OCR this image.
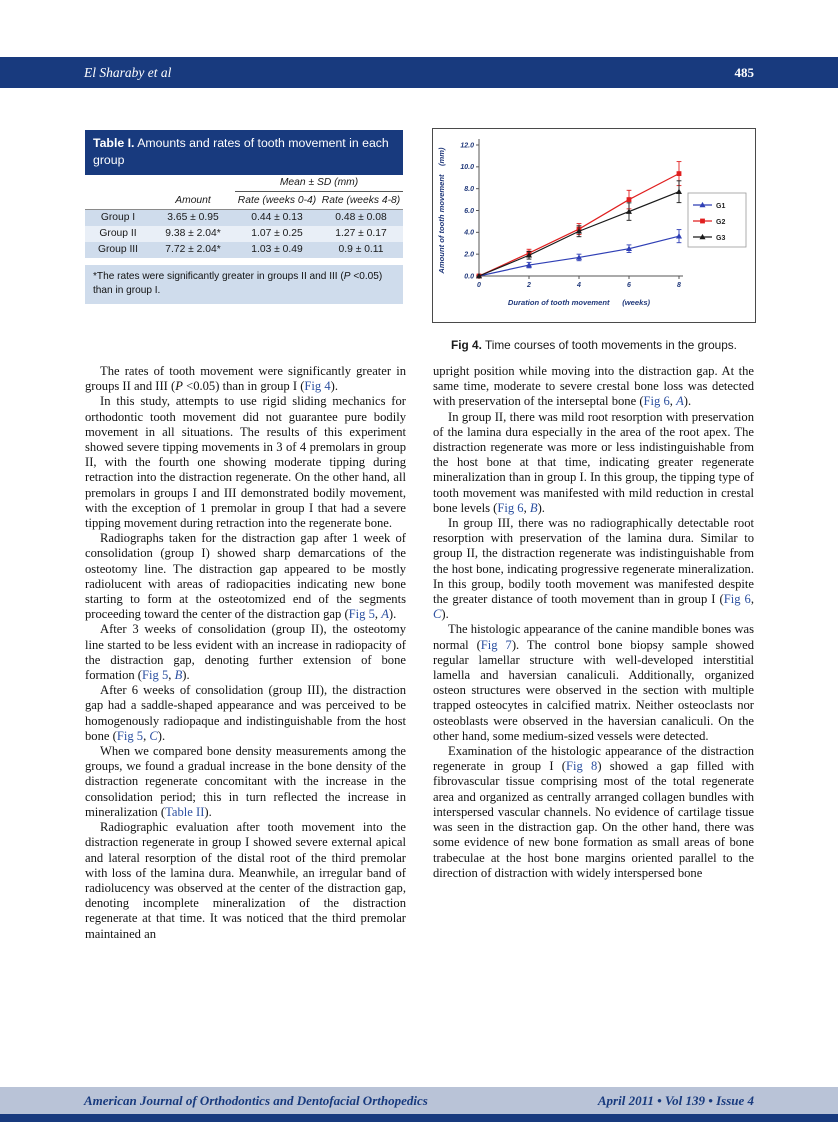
El Sharaby et al	485
Table I. Amounts and rates of tooth movement in each group
		Mean ± SD (mm)	
	Amount	Rate (weeks 0-4)	Rate (weeks 4-8)
Group I	3.65 ± 0.95	0.44 ± 0.13	0.48 ± 0.08
Group II	9.38 ± 2.04*	1.07 ± 0.25	1.27 ± 0.17
Group III	7.72 ± 2.04*	1.03 ± 0.49	0.9 ± 0.11
*The rates were significantly greater in groups II and III (P <0.05) than in group I.
0.0
2.0
4.0
6.0
8.0
10.0
12.0
0	2	4	6	8
Duration of tooth movement      (weeks)
Amount of tooth movement    (mm)	G1
G2
G3
Fig 4. Time courses of tooth movements in the groups.

The rates of tooth movement were significantly greater in groups II and III (P <0.05) than in group I (Fig 4).

In this study, attempts to use rigid sliding mechanics for orthodontic tooth movement did not guarantee pure bodily movement in all situations. The results of this experiment showed severe tipping movements in 3 of 4 premolars in group II, with the fourth one showing moderate tipping during retraction into the distraction regenerate. On the other hand, all premolars in groups I and III demonstrated bodily movement, with the exception of 1 premolar in group I that had a severe tipping movement during retraction into the regenerate bone.

Radiographs taken for the distraction gap after 1 week of consolidation (group I) showed sharp demarcations of the osteotomy line. The distraction gap appeared to be mostly radiolucent with areas of radiopacities indicating new bone starting to form at the osteotomized end of the segments proceeding toward the center of the distraction gap (Fig 5, A).

After 3 weeks of consolidation (group II), the osteotomy line started to be less evident with an increase in radiopacity of the distraction gap, denoting further extension of bone formation (Fig 5, B).

After 6 weeks of consolidation (group III), the distraction gap had a saddle-shaped appearance and was perceived to be homogenously radiopaque and indistinguishable from the host bone (Fig 5, C).

When we compared bone density measurements among the groups, we found a gradual increase in the bone density of the distraction regenerate concomitant with the increase in the consolidation period; this in turn reflected the increase in mineralization (Table II).

Radiographic evaluation after tooth movement into the distraction regenerate in group I showed severe external apical and lateral resorption of the distal root of the third premolar with loss of the lamina dura. Meanwhile, an irregular band of radiolucency was observed at the center of the distraction gap, denoting incomplete mineralization of the distraction regenerate at that time. It was noticed that the third premolar maintained an

upright position while moving into the distraction gap. At the same time, moderate to severe crestal bone loss was detected with preservation of the interseptal bone (Fig 6, A).

In group II, there was mild root resorption with preservation of the lamina dura especially in the area of the root apex. The distraction regenerate was more or less indistinguishable from the host bone at that time, indicating greater regenerate mineralization than in group I. In this group, the tipping type of tooth movement was manifested with mild reduction in crestal bone levels (Fig 6, B).

In group III, there was no radiographically detectable root resorption with preservation of the lamina dura. Similar to group II, the distraction regenerate was indistinguishable from the host bone, indicating progressive regenerate mineralization. In this group, bodily tooth movement was manifested despite the greater distance of tooth movement than in group I (Fig 6, C).

The histologic appearance of the canine mandible bones was normal (Fig 7). The control bone biopsy sample showed regular lamellar structure with well-developed interstitial lamella and haversian canaliculi. Additionally, organized osteon structures were observed in the section with multiple trapped osteocytes in calcified matrix. Neither osteoclasts nor osteoblasts were observed in the haversian canaliculi. On the other hand, some medium-sized vessels were detected.

Examination of the histologic appearance of the distraction regenerate in group I (Fig 8) showed a gap filled with fibrovascular tissue comprising most of the total regenerate area and organized as centrally arranged collagen bundles with interspersed vascular channels. No evidence of cartilage tissue was seen in the distraction gap. On the other hand, there was some evidence of new bone formation as small areas of bone trabeculae at the host bone margins oriented parallel to the direction of distraction with widely interspersed bone

American Journal of Orthodontics and Dentofacial Orthopedics	April 2011 • Vol 139 • Issue 4
